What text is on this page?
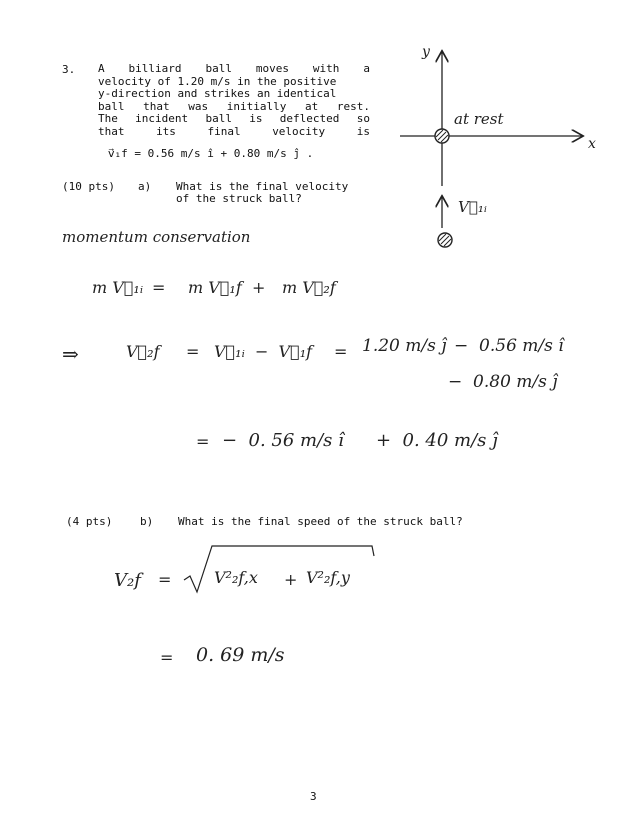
3. A billiard ball moves with a
velocity of 1.20 m/s in the positive
y-direction and strikes an identical
ball that was initially at rest.
The incident ball is deflected so
that	its	final	velocity	is
v⃗₁f = 0.56 m/s î + 0.80 m/s ĵ .
y
x
at rest
V⃗₁ᵢ
(10 pts) a) What is the final velocity
of the struck ball?
momentum conservation
m V⃗₁ᵢ = m V⃗₁f + m V⃗₂f
⇒	V⃗₂f = V⃗₁ᵢ  −  V⃗₁f = 1.20 m/s ĵ −  0.56 m/s î
−  0.80 m/s ĵ
= −  0. 56 m/s î +  0. 40 m/s ĵ
(4 pts)	b) What is the final speed of the struck ball?
V₂f =	V²₂f,x + V²₂f,y
= 0. 69 m/s
3
